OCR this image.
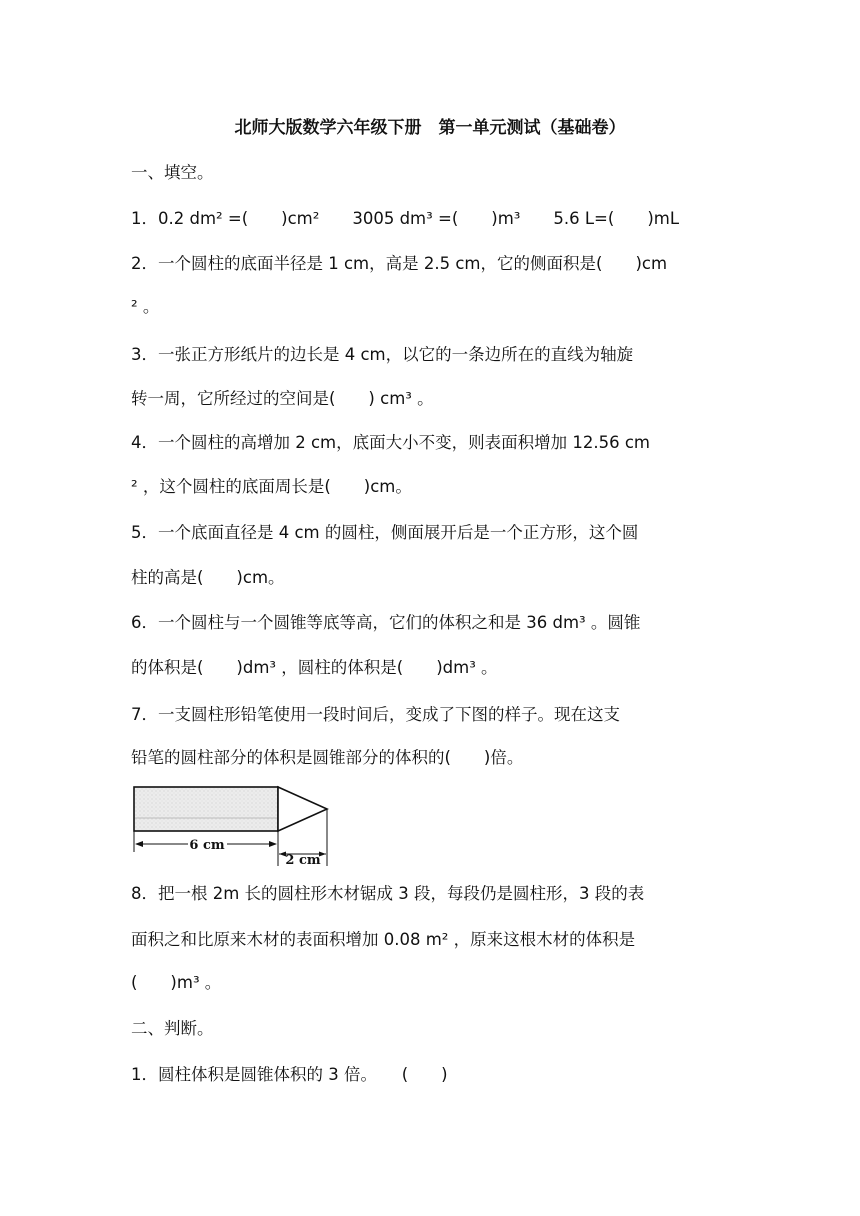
北师大版数学六年级下册　第一单元测试（基础卷）
一、填空。
1．0.2 dm² =(　　)cm²　　3005 dm³ =(　　)m³　　5.6 L=(　　)mL
2．一个圆柱的底面半径是 1 cm，高是 2.5 cm，它的侧面积是(　　)cm
² 。
3．一张正方形纸片的边长是 4 cm，以它的一条边所在的直线为轴旋
转一周，它所经过的空间是(　　) cm³ 。
4．一个圆柱的高增加 2 cm，底面大小不变，则表面积增加 12.56 cm
² ，这个圆柱的底面周长是(　　)cm。
5．一个底面直径是 4 cm 的圆柱，侧面展开后是一个正方形，这个圆
柱的高是(　　)cm。
6．一个圆柱与一个圆锥等底等高，它们的体积之和是 36 dm³ 。圆锥
的体积是(　　)dm³ ，圆柱的体积是(　　)dm³ 。
7．一支圆柱形铅笔使用一段时间后，变成了下图的样子。现在这支
铅笔的圆柱部分的体积是圆锥部分的体积的(　　)倍。
6 cm
2 cm
8．把一根 2m 长的圆柱形木材锯成 3 段，每段仍是圆柱形，3 段的表
面积之和比原来木材的表面积增加 0.08 m² ，原来这根木材的体积是
(　　)m³ 。
二、判断。
1．圆柱体积是圆锥体积的 3 倍。　　(　　)
